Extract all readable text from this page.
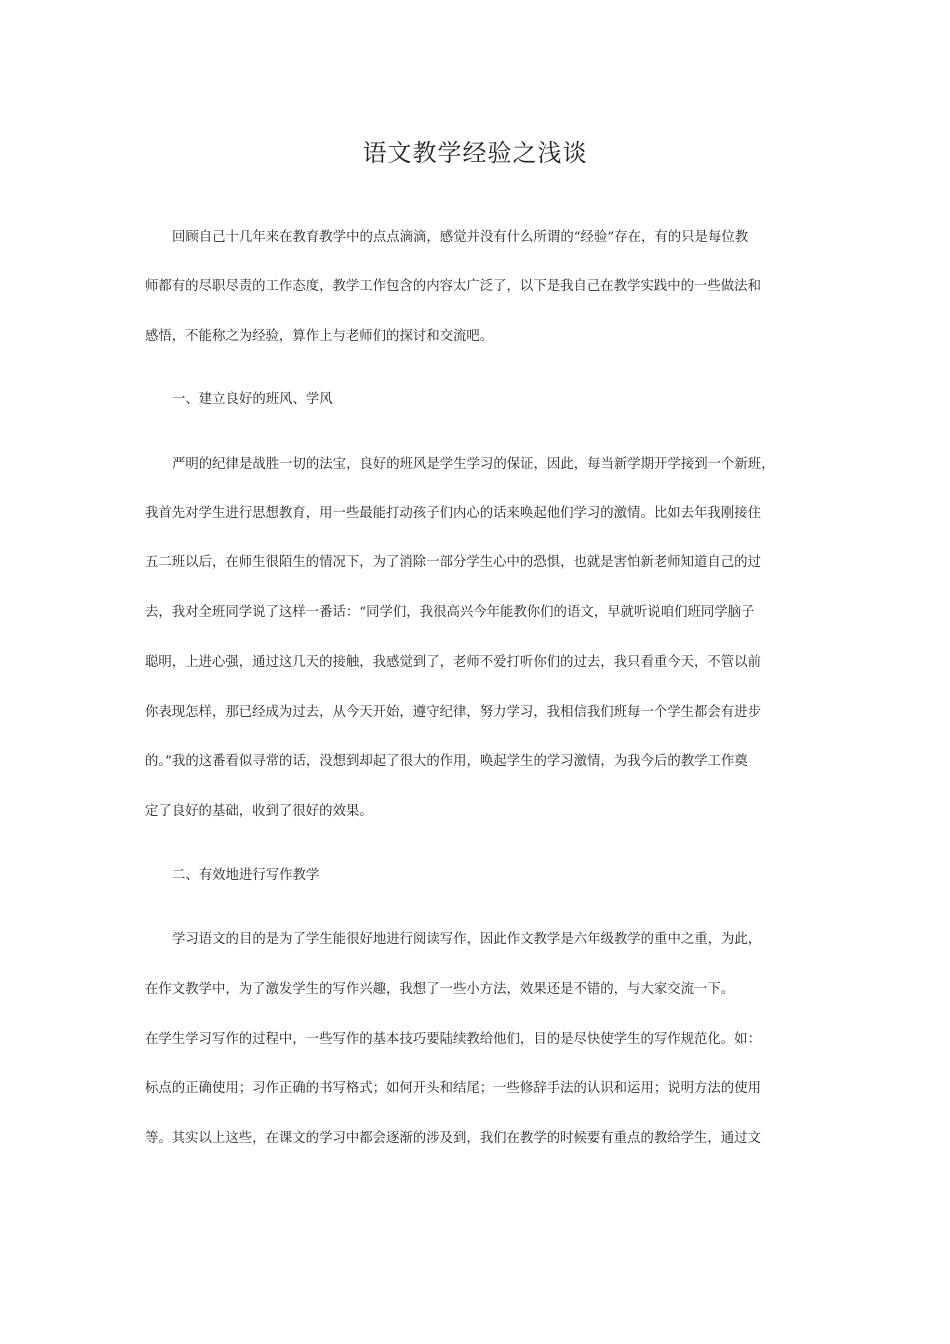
语文教学经验之浅谈
回顾自己十几年来在教育教学中的点点滴滴，感觉并没有什么所谓的“经验”存在，有的只是每位教
师都有的尽职尽责的工作态度，教学工作包含的内容太广泛了，以下是我自己在教学实践中的一些做法和
感悟，不能称之为经验，算作上与老师们的探讨和交流吧。
一、建立良好的班风、学风
严明的纪律是战胜一切的法宝，良好的班风是学生学习的保证，因此，每当新学期开学接到一个新班，
我首先对学生进行思想教育，用一些最能打动孩子们内心的话来唤起他们学习的激情。比如去年我刚接住
五二班以后，在师生很陌生的情况下，为了消除一部分学生心中的恐惧，也就是害怕新老师知道自己的过
去，我对全班同学说了这样一番话：“同学们，我很高兴今年能教你们的语文，早就听说咱们班同学脑子
聪明，上进心强，通过这几天的接触，我感觉到了，老师不爱打听你们的过去，我只看重今天，不管以前
你表现怎样，那已经成为过去，从今天开始，遵守纪律，努力学习，我相信我们班每一个学生都会有进步
的。”我的这番看似寻常的话，没想到却起了很大的作用，唤起学生的学习激情，为我今后的教学工作奠
定了良好的基础，收到了很好的效果。
二、有效地进行写作教学
学习语文的目的是为了学生能很好地进行阅读写作，因此作文教学是六年级教学的重中之重，为此，
在作文教学中，为了激发学生的写作兴趣，我想了一些小方法，效果还是不错的，与大家交流一下。
在学生学习写作的过程中，一些写作的基本技巧要陆续教给他们，目的是尽快使学生的写作规范化。如：
标点的正确使用；习作正确的书写格式；如何开头和结尾；一些修辞手法的认识和运用；说明方法的使用
等。其实以上这些，在课文的学习中都会逐渐的涉及到，我们在教学的时候要有重点的教给学生，通过文
